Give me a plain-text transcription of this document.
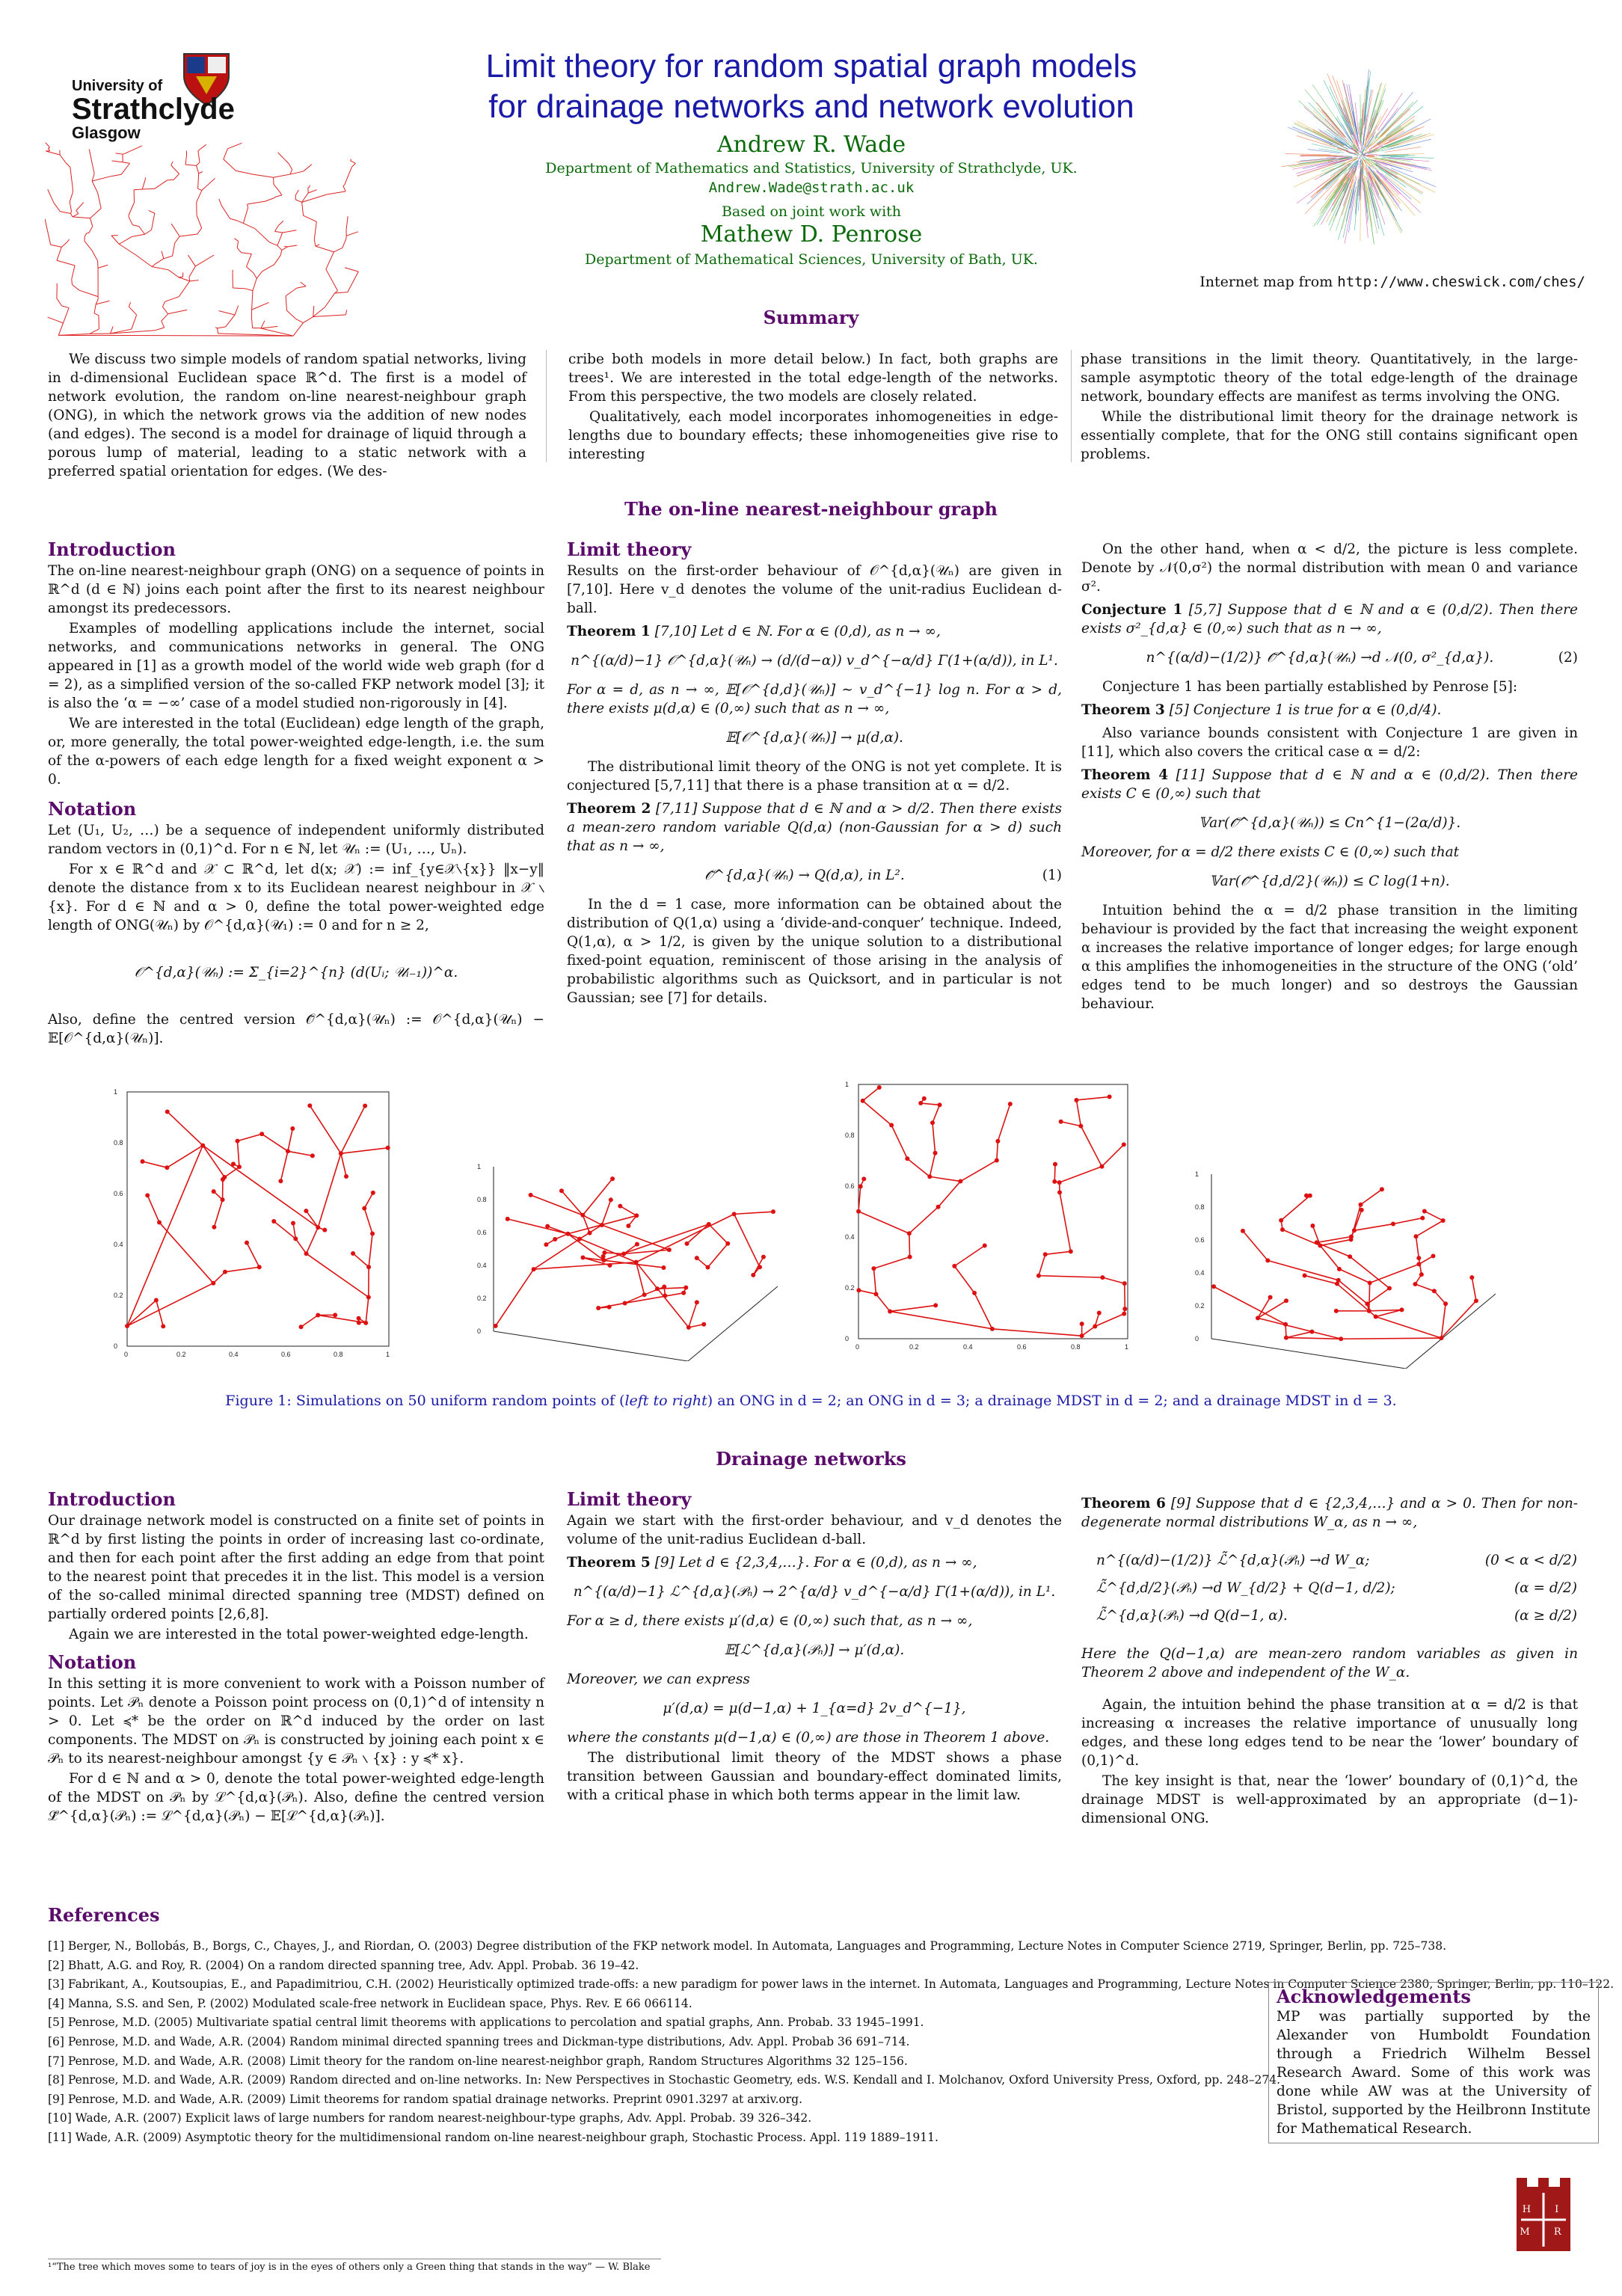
University of
Strathclyde
Glasgow
Limit theory for random spatial graph models
for drainage networks and network evolution
Andrew R. Wade
Department of Mathematics and Statistics, University of Strathclyde, UK.
Andrew.Wade@strath.ac.uk
Based on joint work with
Mathew D. Penrose
Department of Mathematical Sciences, University of Bath, UK.
Internet map from http://www.cheswick.com/ches/
Summary

We discuss two simple models of random spatial networks, living in d-dimensional Euclidean space ℝ^d. The first is a model of network evolution, the random on-line nearest-neighbour graph (ONG), in which the network grows via the addition of new nodes (and edges). The second is a model for drainage of liquid through a porous lump of material, leading to a static network with a preferred spatial orientation for edges. (We des-

cribe both models in more detail below.) In fact, both graphs are trees¹. We are interested in the total edge-length of the networks. From this perspective, the two models are closely related.

Qualitatively, each model incorporates inhomogeneities in edge-lengths due to boundary effects; these inhomogeneities give rise to interesting

phase transitions in the limit theory. Quantitatively, in the large-sample asymptotic theory of the total edge-length of the drainage network, boundary effects are manifest as terms involving the ONG.

While the distributional limit theory for the drainage network is essentially complete, that for the ONG still contains significant open problems.

The on-line nearest-neighbour graph
Introduction

The on-line nearest-neighbour graph (ONG) on a sequence of points in ℝ^d (d ∈ ℕ) joins each point after the first to its nearest neighbour amongst its predecessors.

Examples of modelling applications include the internet, social networks, and communications networks in general. The ONG appeared in [1] as a growth model of the world wide web graph (for d = 2), as a simplified version of the so-called FKP network model [3]; it is also the ‘α = −∞’ case of a model studied non-rigorously in [4].

We are interested in the total (Euclidean) edge length of the graph, or, more generally, the total power-weighted edge-length, i.e. the sum of the α-powers of each edge length for a fixed weight exponent α > 0.

Notation

Let (U₁, U₂, …) be a sequence of independent uniformly distributed random vectors in (0,1)^d. For n ∈ ℕ, let 𝒰ₙ := (U₁, …, Uₙ).

For x ∈ ℝ^d and 𝒳 ⊂ ℝ^d, let d(x; 𝒳) := inf_{y∈𝒳∖{x}} ‖x−y‖ denote the distance from x to its Euclidean nearest neighbour in 𝒳 ∖ {x}. For d ∈ ℕ and α > 0, define the total power-weighted edge length of ONG(𝒰ₙ) by 𝒪^{d,α}(𝒰₁) := 0 and for n ≥ 2,

𝒪^{d,α}(𝒰ₙ) := Σ_{i=2}^{n} (d(Uᵢ; 𝒰ᵢ₋₁))^α.

Also, define the centred version 𝒪̃^{d,α}(𝒰ₙ) := 𝒪^{d,α}(𝒰ₙ) − 𝔼[𝒪^{d,α}(𝒰ₙ)].

Limit theory

Results on the first-order behaviour of 𝒪^{d,α}(𝒰ₙ) are given in [7,10]. Here v_d denotes the volume of the unit-radius Euclidean d-ball.

Theorem 1 [7,10] Let d ∈ ℕ. For α ∈ (0,d), as n → ∞,
n^{(α/d)−1} 𝒪^{d,α}(𝒰ₙ) → (d/(d−α)) v_d^{−α/d} Γ(1+(α/d)), in L¹.

For α = d, as n → ∞, 𝔼[𝒪^{d,d}(𝒰ₙ)] ∼ v_d^{−1} log n. For α > d, there exists μ(d,α) ∈ (0,∞) such that as n → ∞,

𝔼[𝒪^{d,α}(𝒰ₙ)] → μ(d,α).

The distributional limit theory of the ONG is not yet complete. It is conjectured [5,7,11] that there is a phase transition at α = d/2.

Theorem 2 [7,11] Suppose that d ∈ ℕ and α > d/2. Then there exists a mean-zero random variable Q(d,α) (non-Gaussian for α > d) such that as n → ∞,
(1)
𝒪̃^{d,α}(𝒰ₙ) → Q(d,α), in L².

In the d = 1 case, more information can be obtained about the distribution of Q(1,α) using a ‘divide-and-conquer’ technique. Indeed, Q(1,α), α > 1/2, is given by the unique solution to a distributional fixed-point equation, reminiscent of those arising in the analysis of probabilistic algorithms such as Quicksort, and in particular is not Gaussian; see [7] for details.

On the other hand, when α < d/2, the picture is less complete. Denote by 𝒩(0,σ²) the normal distribution with mean 0 and variance σ².

Conjecture 1 [5,7] Suppose that d ∈ ℕ and α ∈ (0,d/2). Then there exists σ²_{d,α} ∈ (0,∞) such that as n → ∞,
(2)
n^{(α/d)−(1/2)} 𝒪̃^{d,α}(𝒰ₙ) →d 𝒩(0, σ²_{d,α}).

Conjecture 1 has been partially established by Penrose [5]:

Theorem 3 [5] Conjecture 1 is true for α ∈ (0,d/4).

Also variance bounds consistent with Conjecture 1 are given in [11], which also covers the critical case α = d/2:

Theorem 4 [11] Suppose that d ∈ ℕ and α ∈ (0,d/2). Then there exists C ∈ (0,∞) such that
𝕍ar(𝒪̃^{d,α}(𝒰ₙ)) ≤ Cn^{1−(2α/d)}.

Moreover, for α = d/2 there exists C ∈ (0,∞) such that

𝕍ar(𝒪̃^{d,d/2}(𝒰ₙ)) ≤ C log(1+n).

Intuition behind the α = d/2 phase transition in the limiting behaviour is provided by the fact that increasing the weight exponent α increases the relative importance of longer edges; for large enough α this amplifies the inhomogeneities in the structure of the ONG (‘old’ edges tend to be much longer) and so destroys the Gaussian behaviour.

0
0
0.2
0.2
0.4
0.4
0.6
0.6
0.8
0.8
1
1
0
0.2
0.4
0.6
0.8
1
0
0
0.2
0.2
0.4
0.4
0.6
0.6
0.8
0.8
1
1
0
0.2
0.4
0.6
0.8
1
Figure 1: Simulations on 50 uniform random points of (left to right) an ONG in d = 2; an ONG in d = 3; a drainage MDST in d = 2; and a drainage MDST in d = 3.
Drainage networks
Introduction

Our drainage network model is constructed on a finite set of points in ℝ^d by first listing the points in order of increasing last co-ordinate, and then for each point after the first adding an edge from that point to the nearest point that precedes it in the list. This model is a version of the so-called minimal directed spanning tree (MDST) defined on partially ordered points [2,6,8].

Again we are interested in the total power-weighted edge-length.

Notation

In this setting it is more convenient to work with a Poisson number of points. Let 𝒫ₙ denote a Poisson point process on (0,1)^d of intensity n > 0. Let ≼* be the order on ℝ^d induced by the order on last components. The MDST on 𝒫ₙ is constructed by joining each point x ∈ 𝒫ₙ to its nearest-neighbour amongst {y ∈ 𝒫ₙ ∖ {x} : y ≼* x}.

For d ∈ ℕ and α > 0, denote the total power-weighted edge-length of the MDST on 𝒫ₙ by ℒ^{d,α}(𝒫ₙ). Also, define the centred version ℒ̃^{d,α}(𝒫ₙ) := ℒ^{d,α}(𝒫ₙ) − 𝔼[ℒ^{d,α}(𝒫ₙ)].

Limit theory

Again we start with the first-order behaviour, and v_d denotes the volume of the unit-radius Euclidean d-ball.

Theorem 5 [9] Let d ∈ {2,3,4,…}. For α ∈ (0,d), as n → ∞,
n^{(α/d)−1} ℒ^{d,α}(𝒫ₙ) → 2^{α/d} v_d^{−α/d} Γ(1+(α/d)), in L¹.

For α ≥ d, there exists μ′(d,α) ∈ (0,∞) such that, as n → ∞,

𝔼[ℒ^{d,α}(𝒫ₙ)] → μ′(d,α).

Moreover, we can express

μ′(d,α) = μ(d−1,α) + 1_{α=d} 2v_d^{−1},

where the constants μ(d−1,α) ∈ (0,∞) are those in Theorem 1 above.

The distributional limit theory of the MDST shows a phase transition between Gaussian and boundary-effect dominated limits, with a critical phase in which both terms appear in the limit law.

Theorem 6 [9] Suppose that d ∈ {2,3,4,…} and α > 0. Then for non-degenerate normal distributions W_α, as n → ∞,
n^{(α/d)−(1/2)} ℒ̃^{d,α}(𝒫ₙ) →d W_α;	(0 < α < d/2)
ℒ̃^{d,d/2}(𝒫ₙ) →d W_{d/2} + Q(d−1, d/2);	(α = d/2)
ℒ̃^{d,α}(𝒫ₙ) →d Q(d−1, α).	(α ≥ d/2)

Here the Q(d−1,α) are mean-zero random variables as given in Theorem 2 above and independent of the W_α.

Again, the intuition behind the phase transition at α = d/2 is that increasing α increases the relative importance of unusually long edges, and these long edges tend to be near the ‘lower’ boundary of (0,1)^d.

The key insight is that, near the ‘lower’ boundary of (0,1)^d, the drainage MDST is well-approximated by an appropriate (d−1)-dimensional ONG.

References
[1] Berger, N., Bollobás, B., Borgs, C., Chayes, J., and Riordan, O. (2003) Degree distribution of the FKP network model. In Automata, Languages and Programming, Lecture Notes in Computer Science 2719, Springer, Berlin, pp. 725–738.
[2] Bhatt, A.G. and Roy, R. (2004) On a random directed spanning tree, Adv. Appl. Probab. 36 19–42.
[3] Fabrikant, A., Koutsoupias, E., and Papadimitriou, C.H. (2002) Heuristically optimized trade-offs: a new paradigm for power laws in the internet. In Automata, Languages and Programming, Lecture Notes in Computer Science 2380, Springer, Berlin, pp. 110–122.
[4] Manna, S.S. and Sen, P. (2002) Modulated scale-free network in Euclidean space, Phys. Rev. E 66 066114.
[5] Penrose, M.D. (2005) Multivariate spatial central limit theorems with applications to percolation and spatial graphs, Ann. Probab. 33 1945–1991.
[6] Penrose, M.D. and Wade, A.R. (2004) Random minimal directed spanning trees and Dickman-type distributions, Adv. Appl. Probab 36 691–714.
[7] Penrose, M.D. and Wade, A.R. (2008) Limit theory for the random on-line nearest-neighbor graph, Random Structures Algorithms 32 125–156.
[8] Penrose, M.D. and Wade, A.R. (2009) Random directed and on-line networks. In: New Perspectives in Stochastic Geometry, eds. W.S. Kendall and I. Molchanov, Oxford University Press, Oxford, pp. 248–274.
[9] Penrose, M.D. and Wade, A.R. (2009) Limit theorems for random spatial drainage networks. Preprint 0901.3297 at arxiv.org.
[10] Wade, A.R. (2007) Explicit laws of large numbers for random nearest-neighbour-type graphs, Adv. Appl. Probab. 39 326–342.
[11] Wade, A.R. (2009) Asymptotic theory for the multidimensional random on-line nearest-neighbour graph, Stochastic Process. Appl. 119 1889–1911.
Acknowledgements
MP was partially supported by the Alexander von Humboldt Foundation through a Friedrich Wilhelm Bessel Research Award. Some of this work was done while AW was at the University of Bristol, supported by the Heilbronn Institute for Mathematical Research.
H I M R
¹“The tree which moves some to tears of joy is in the eyes of others only a Green thing that stands in the way” — W. Blake
